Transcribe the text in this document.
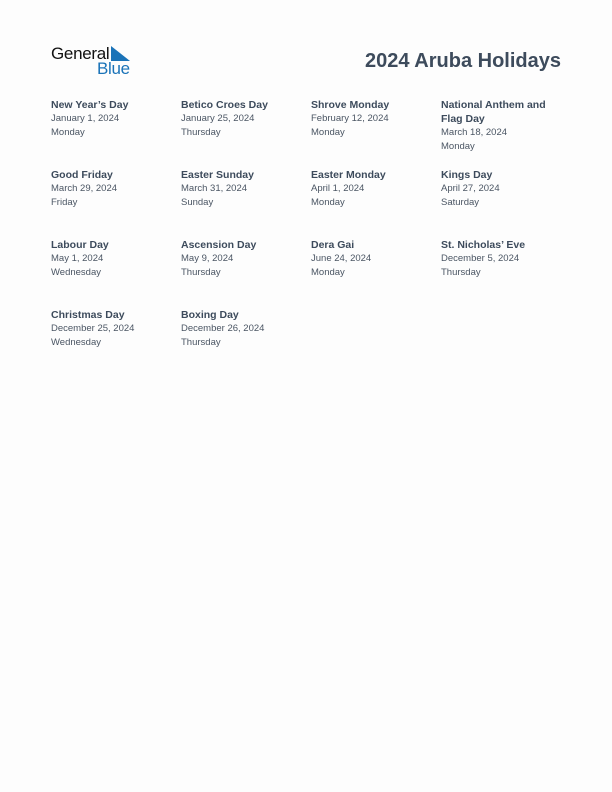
General
Blue	2024 Aruba Holidays
New Year’s Day
January 1, 2024
Monday
Betico Croes Day
January 25, 2024
Thursday
Shrove Monday
February 12, 2024
Monday
National Anthem and Flag Day
March 18, 2024
Monday
Good Friday
March 29, 2024
Friday
Easter Sunday
March 31, 2024
Sunday
Easter Monday
April 1, 2024
Monday
Kings Day
April 27, 2024
Saturday
Labour Day
May 1, 2024
Wednesday
Ascension Day
May 9, 2024
Thursday
Dera Gai
June 24, 2024
Monday
St. Nicholas’ Eve
December 5, 2024
Thursday
Christmas Day
December 25, 2024
Wednesday
Boxing Day
December 26, 2024
Thursday
